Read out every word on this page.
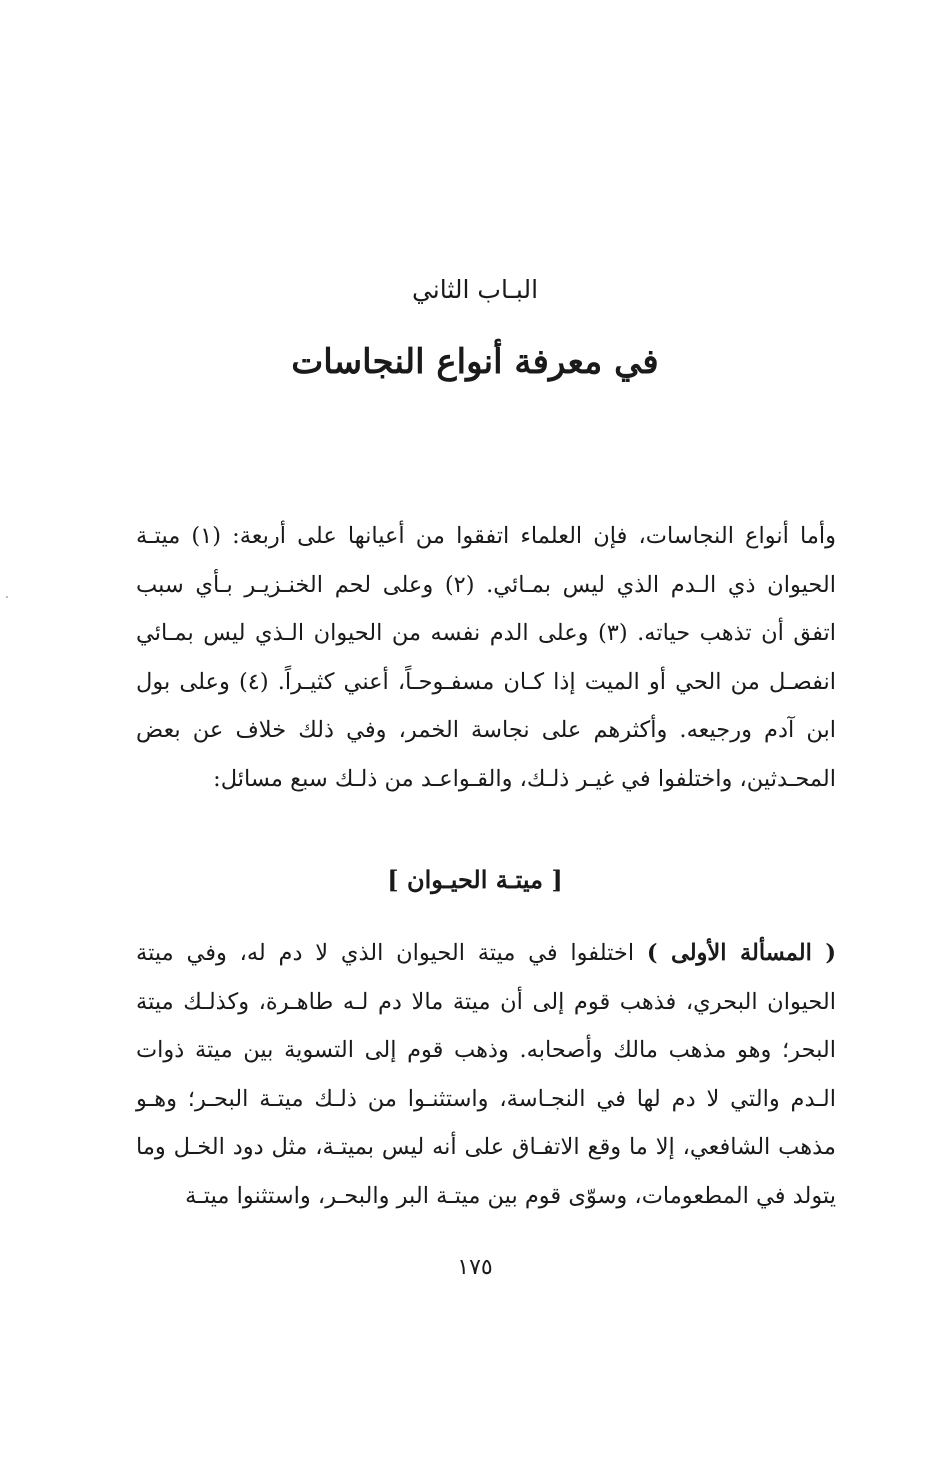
البـاب الثاني
في معرفة أنواع النجاسات

وأما أنواع النجاسات، فإن العلماء اتفقوا من أعيانها على أربعة: (١) ميتـة الحيوان ذي الـدم الذي ليس بمـائي. (٢) وعلى لحم الخنـزيـر بـأي سبب اتفق أن تذهب حياته. (٣) وعلى الدم نفسه من الحيوان الـذي ليس بمـائي انفصـل من الحي أو الميت إذا كـان مسفـوحـاً، أعني كثيـراً. (٤) وعلى بول ابن آدم ورجيعه. وأكثرهم على نجاسة الخمر، وفي ذلك خلاف عن بعض المحـدثين، واختلفوا في غيـر ذلـك، والقـواعـد من ذلـك سبع مسائل:

[ ميتـة الحيـوان ]

( المسألة الأولى ) اختلفوا في ميتة الحيوان الذي لا دم له، وفي ميتة الحيوان البحري، فذهب قوم إلى أن ميتة مالا دم لـه طاهـرة، وكذلـك ميتة البحر؛ وهو مذهب مالك وأصحابه. وذهب قوم إلى التسوية بين ميتة ذوات الـدم والتي لا دم لها في النجـاسة، واستثنـوا من ذلـك ميتـة البحـر؛ وهـو مذهب الشافعي، إلا ما وقع الاتفـاق على أنه ليس بميتـة، مثل دود الخـل وما يتولد في المطعومات، وسوّى قوم بين ميتـة البر والبحـر، واستثنوا ميتـة

١٧٥
